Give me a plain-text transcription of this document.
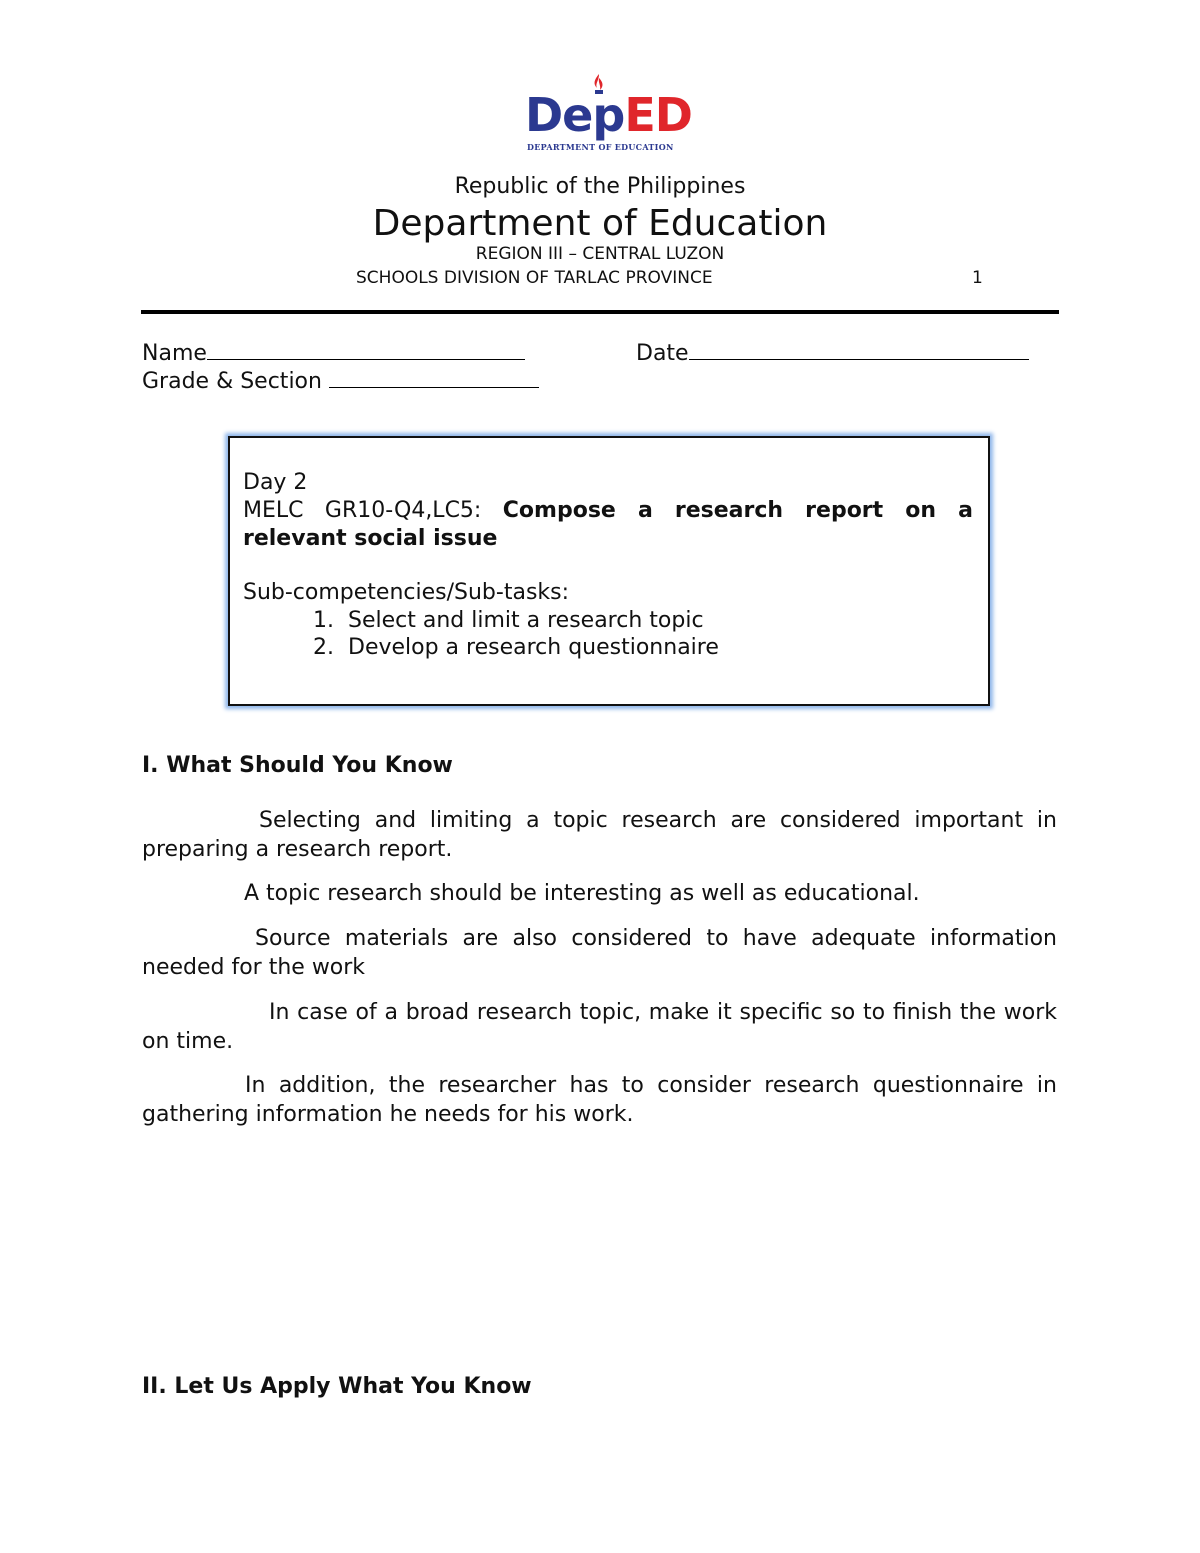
DepED
DEPARTMENT OF EDUCATION
Republic of the Philippines
Department of Education
REGION III – CENTRAL LUZON
SCHOOLS DIVISION OF TARLAC PROVINCE	1
Name	Date
Grade & Section
Day 2
MELC GR10-Q4,LC5: Compose a research report on a
relevant social issue
Sub-competencies/Sub-tasks:
1. Select and limit a research topic
2. Develop a research questionnaire
I. What Should You Know
Selecting and limiting a topic research are considered important in preparing a research report.
A topic research should be interesting as well as educational.
Source materials are also considered to have adequate information needed for the work
In case of a broad research topic, make it specific so to finish the work on time.
In addition, the researcher has to consider research questionnaire in gathering information he needs for his work.
II. Let Us Apply What You Know
